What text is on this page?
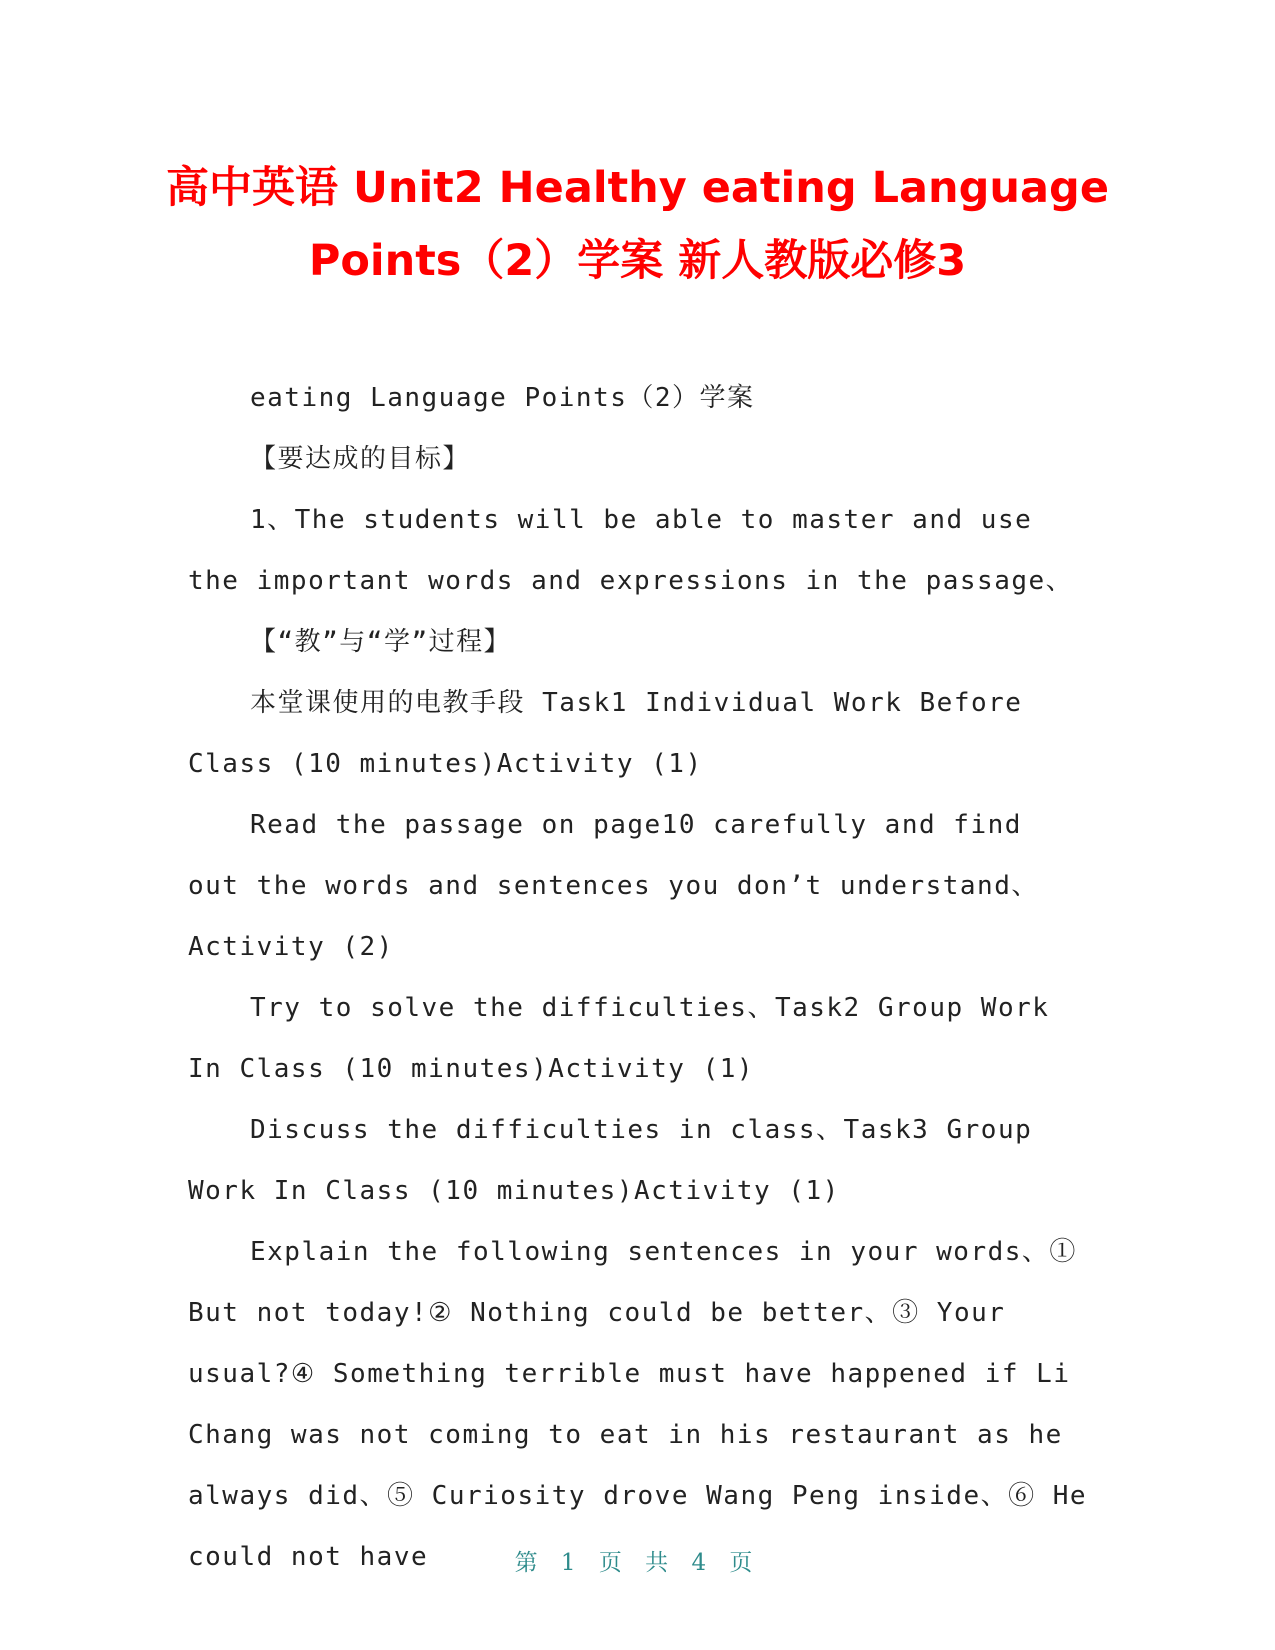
高中英语 Unit2 Healthy eating Language
Points（2）学案 新人教版必修3

eating Language Points（2）学案

【要达成的目标】

1、The students will be able to master and use the important words and expressions in the passage、

【“教”与“学”过程】

本堂课使用的电教手段 Task1 Individual Work Before Class (10 minutes)Activity (1)

Read the passage on page10 carefully and find out the words and sentences you don’t understand、Activity (2)

Try to solve the difficulties、Task2 Group Work In Class (10 minutes)Activity (1)

Discuss the difficulties in class、Task3 Group Work In Class (10 minutes)Activity (1)

Explain the following sentences in your words、① But not today!② Nothing could be better、③ Your usual?④ Something terrible must have happened if Li Chang was not coming to eat in his restaurant as he always did、⑤ Curiosity drove Wang Peng inside、⑥ He could not have	第 1 页 共 4 页
